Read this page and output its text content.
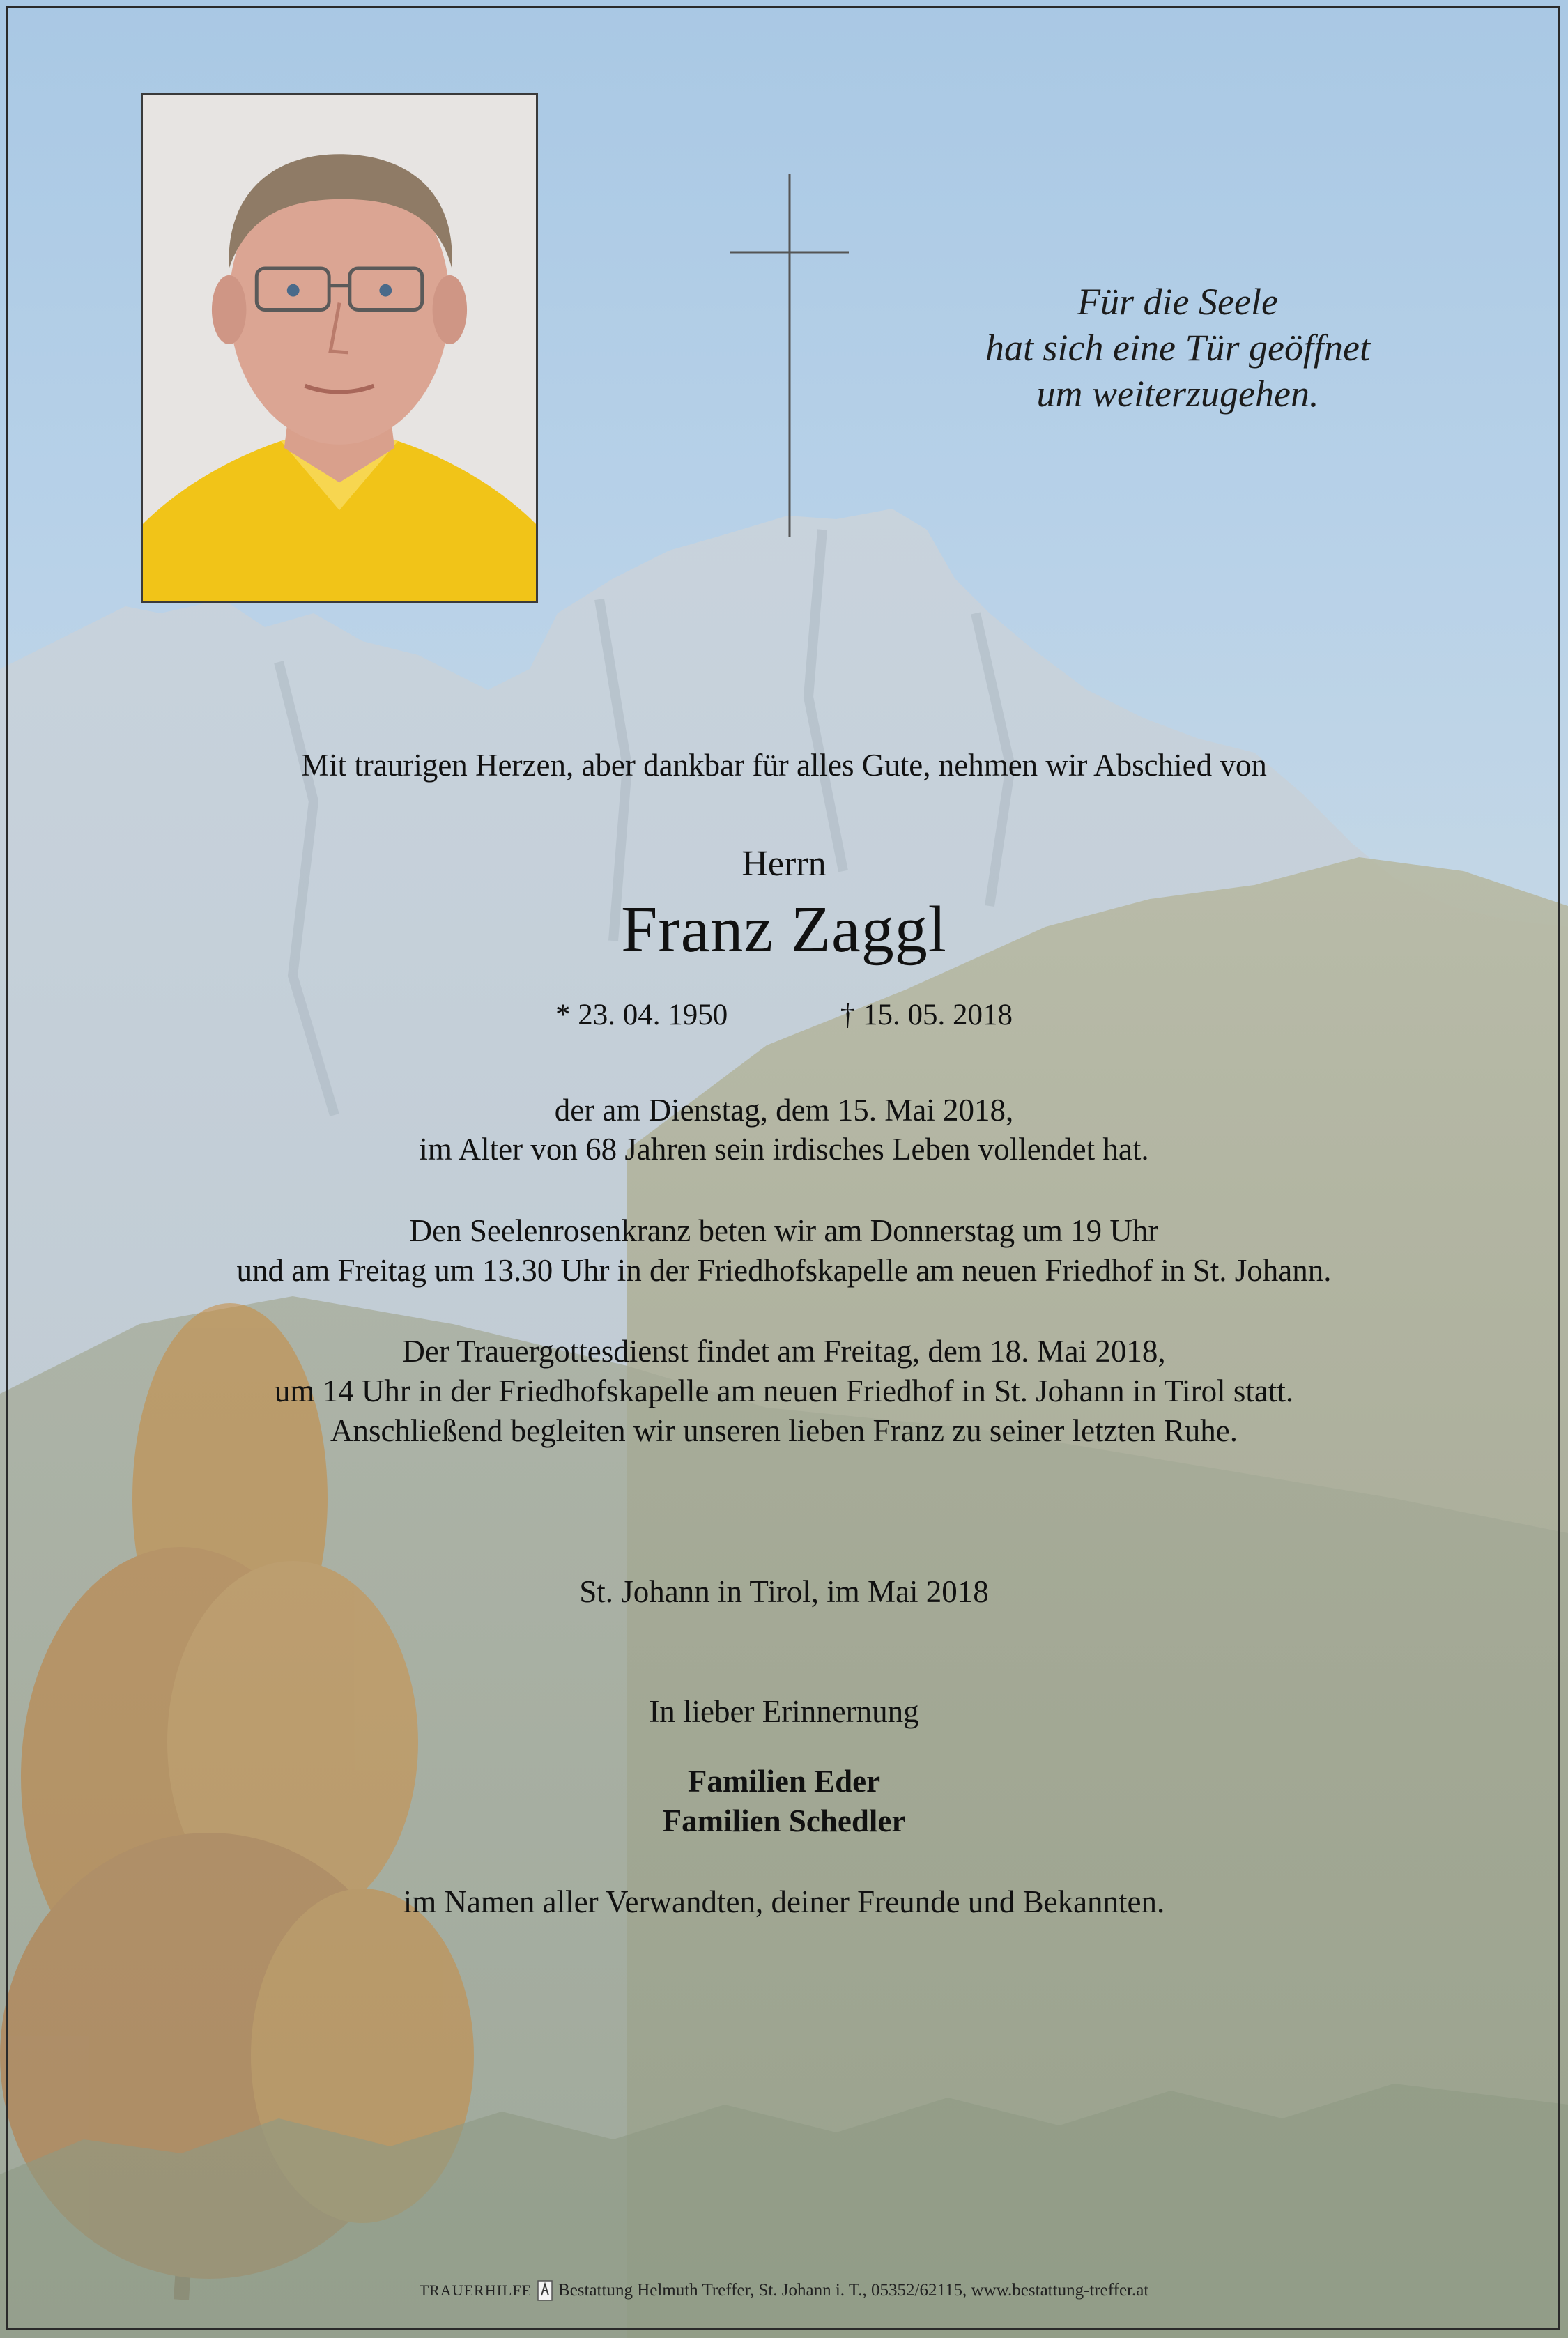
Für die Seele
hat sich eine Tür geöffnet
um weiterzugehen.
Mit traurigen Herzen, aber dankbar für alles Gute, nehmen wir Abschied von
Herrn
Franz Zaggl
* 23. 04. 1950	† 15. 05. 2018
der am Dienstag, dem 15. Mai 2018,
im Alter von 68 Jahren sein irdisches Leben vollendet hat.
Den Seelenrosenkranz beten wir am Donnerstag um 19 Uhr
und am Freitag um 13.30 Uhr in der Friedhofskapelle am neuen Friedhof in St. Johann.
Der Trauergottesdienst findet am Freitag, dem 18. Mai 2018,
um 14 Uhr in der Friedhofskapelle am neuen Friedhof in St. Johann in Tirol statt.
Anschließend begleiten wir unseren lieben Franz zu seiner letzten Ruhe.
St. Johann in Tirol, im Mai 2018
In lieber Erinnernung
Familien Eder
Familien Schedler
im Namen aller Verwandten, deiner Freunde und Bekannten.
TRAUERHILFE Bestattung Helmuth Treffer, St. Johann i. T., 05352/62115, www.bestattung-treffer.at
